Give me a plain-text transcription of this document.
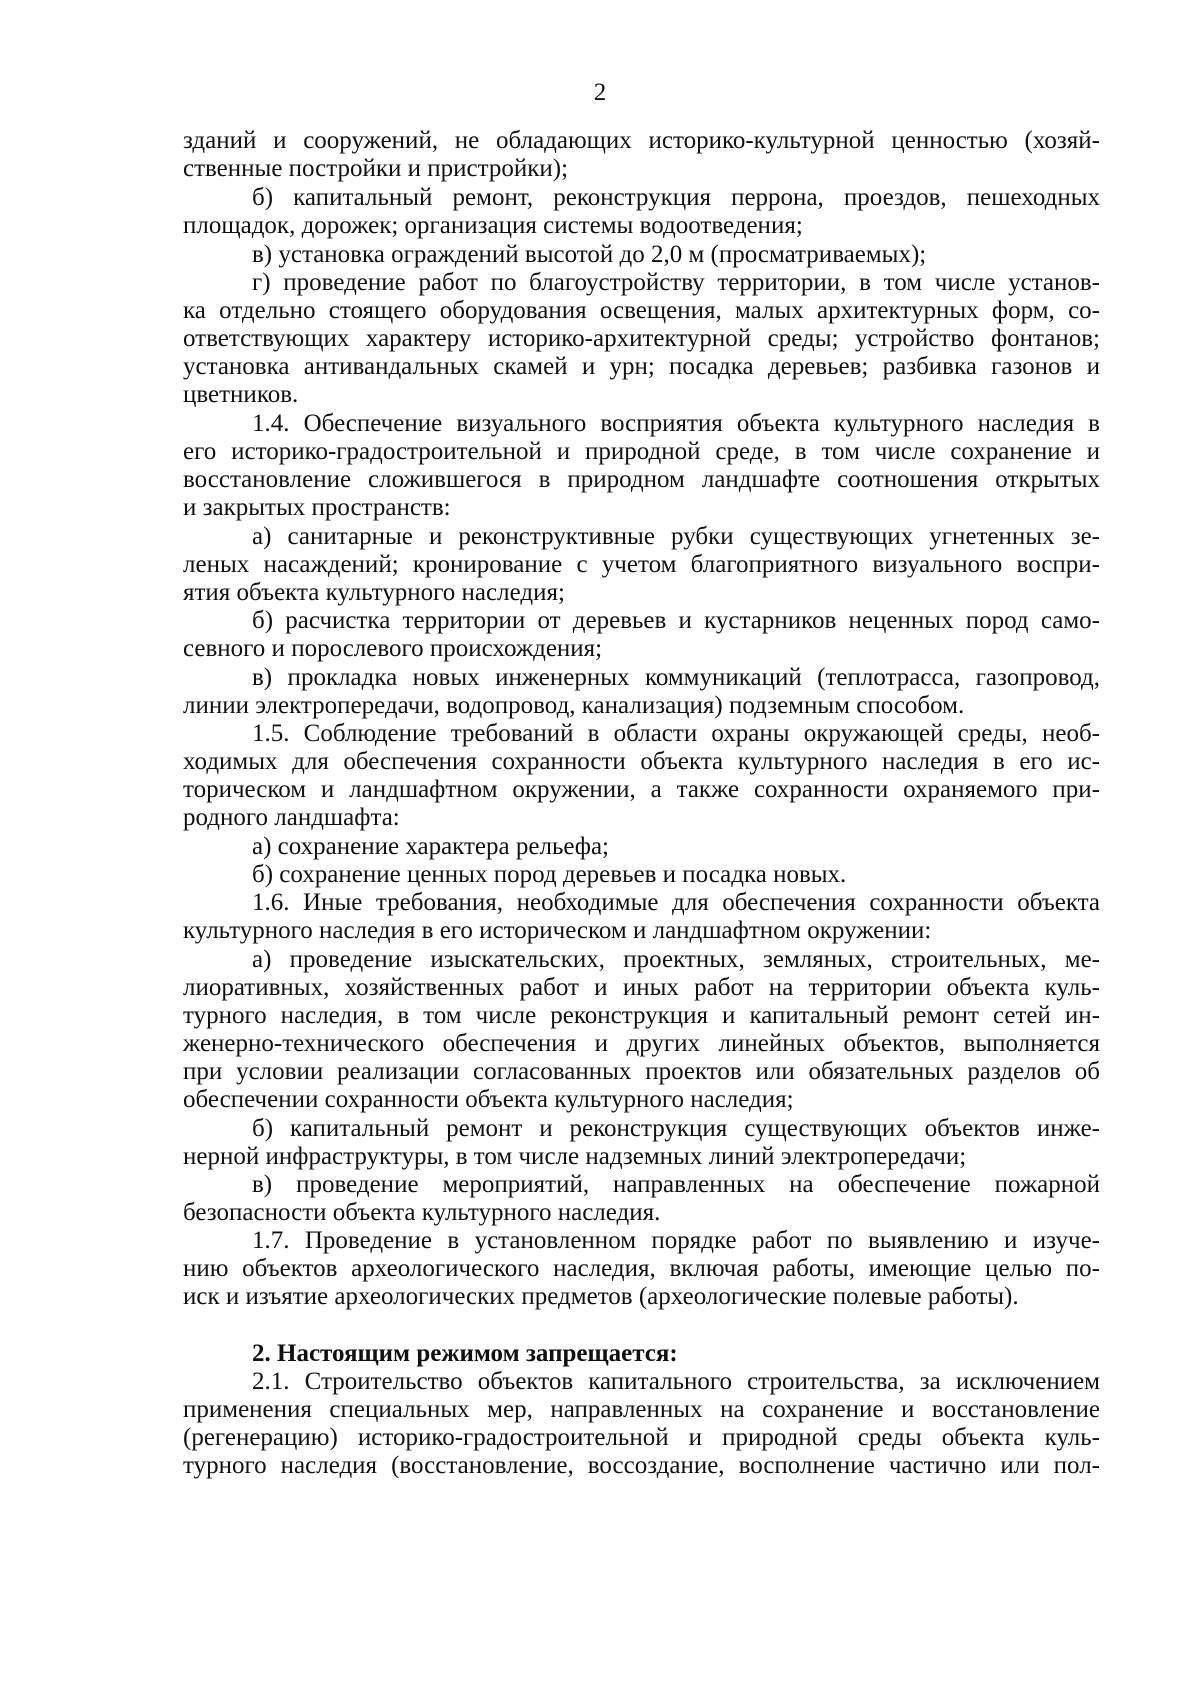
2
зданий и сооружений, не обладающих историко-культурной ценностью (хозяй-
ственные постройки и пристройки);
б) капитальный ремонт, реконструкция перрона, проездов, пешеходных
площадок, дорожек; организация системы водоотведения;
в) установка ограждений высотой до 2,0 м (просматриваемых);
г) проведение работ по благоустройству территории, в том числе установ-
ка отдельно стоящего оборудования освещения, малых архитектурных форм, со-
ответствующих характеру историко-архитектурной среды; устройство фонтанов;
установка антивандальных скамей и урн; посадка деревьев; разбивка газонов и
цветников.
1.4. Обеспечение визуального восприятия объекта культурного наследия в
его историко-градостроительной и природной среде, в том числе сохранение и
восстановление сложившегося в природном ландшафте соотношения открытых
и закрытых пространств:
а) санитарные и реконструктивные рубки существующих угнетенных зе-
леных насаждений; кронирование с учетом благоприятного визуального воспри-
ятия объекта культурного наследия;
б) расчистка территории от деревьев и кустарников неценных пород само-
севного и порослевого происхождения;
в) прокладка новых инженерных коммуникаций (теплотрасса, газопровод,
линии электропередачи, водопровод, канализация) подземным способом.
1.5. Соблюдение требований в области охраны окружающей среды, необ-
ходимых для обеспечения сохранности объекта культурного наследия в его ис-
торическом и ландшафтном окружении, а также сохранности охраняемого при-
родного ландшафта:
а) сохранение характера рельефа;
б) сохранение ценных пород деревьев и посадка новых.
1.6. Иные требования, необходимые для обеспечения сохранности объекта
культурного наследия в его историческом и ландшафтном окружении:
а) проведение изыскательских, проектных, земляных, строительных, ме-
лиоративных, хозяйственных работ и иных работ на территории объекта куль-
турного наследия, в том числе реконструкция и капитальный ремонт сетей ин-
женерно-технического обеспечения и других линейных объектов, выполняется
при условии реализации согласованных проектов или обязательных разделов об
обеспечении сохранности объекта культурного наследия;
б) капитальный ремонт и реконструкция существующих объектов инже-
нерной инфраструктуры, в том числе надземных линий электропередачи;
в) проведение мероприятий, направленных на обеспечение пожарной
безопасности объекта культурного наследия.
1.7. Проведение в установленном порядке работ по выявлению и изуче-
нию объектов археологического наследия, включая работы, имеющие целью по-
иск и изъятие археологических предметов (археологические полевые работы).
2. Настоящим режимом запрещается:
2.1. Строительство объектов капитального строительства, за исключением
применения специальных мер, направленных на сохранение и восстановление
(регенерацию) историко-градостроительной и природной среды объекта куль-
турного наследия (восстановление, воссоздание, восполнение частично или пол-
